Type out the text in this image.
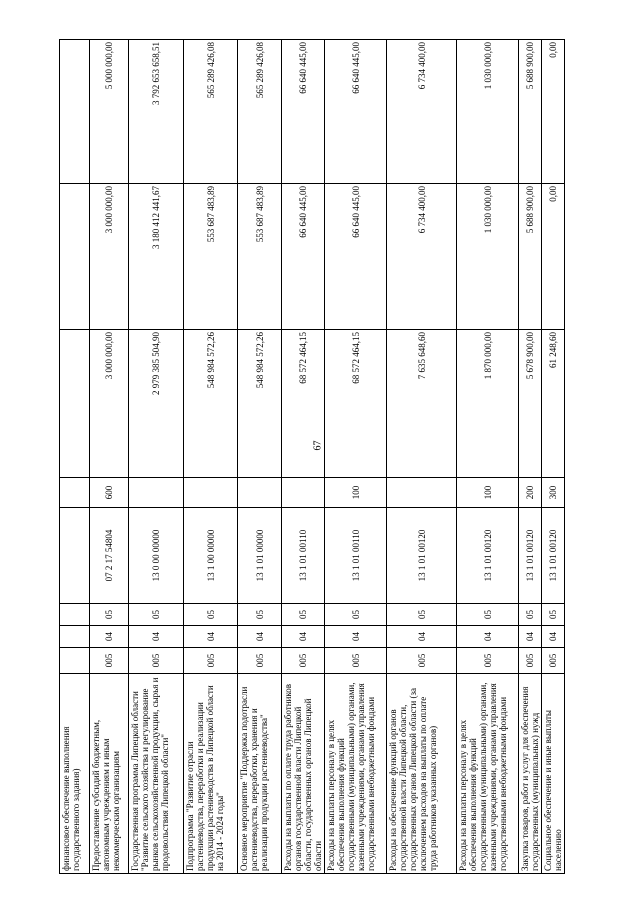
67
финансовое обеспечение выполнения государственного задания)								
Предоставление субсидий бюджетным, автономным учреждениям и иным некоммерческим организациям	005	04	05	07 2 17 54804	600	3 000 000,00	3 000 000,00	5 000 000,00
Государственная программа Липецкой области "Развитие сельского хозяйства и регулирование рынков сельскохозяйственной продукции, сырья и продовольствия Липецкой области"	005	04	05	13 0 00 00000		2 979 385 504,90	3 180 412 441,67	3 792 653 658,51
Подпрограмма "Развитие отрасли растениеводства, переработки и реализации продукции растениеводства в Липецкой области на 2014 - 2024 годы"	005	04	05	13 1 00 00000		548 984 572,26	553 687 483,89	565 289 426,08
Основное мероприятие "Поддержка подотрасли растениеводства, переработки, хранения и реализации продукции растениеводства"	005	04	05	13 1 01 00000		548 984 572,26	553 687 483,89	565 289 426,08
Расходы на выплаты по оплате труда работников органов государственной власти Липецкой области, государственных органов Липецкой области	005	04	05	13 1 01 00110		68 572 464,15	66 640 445,00	66 640 445,00
Расходы на выплаты персоналу в целях обеспечения выполнения функций государственными (муниципальными) органами, казенными учреждениями, органами управления государственными внебюджетными фондами	005	04	05	13 1 01 00110	100	68 572 464,15	66 640 445,00	66 640 445,00
Расходы на обеспечение функций органов государственной власти Липецкой области, государственных органов Липецкой области (за исключением расходов на выплаты по оплате труда работников указанных органов)	005	04	05	13 1 01 00120		7 635 648,60	6 734 400,00	6 734 400,00
Расходы на выплаты персоналу в целях обеспечения выполнения функций государственными (муниципальными) органами, казенными учреждениями, органами управления государственными внебюджетными фондами	005	04	05	13 1 01 00120	100	1 870 000,00	1 030 000,00	1 030 000,00
Закупка товаров, работ и услуг для обеспечения государственных (муниципальных) нужд	005	04	05	13 1 01 00120	200	5 678 900,00	5 688 900,00	5 688 900,00
Социальное обеспечение и иные выплаты населению	005	04	05	13 1 01 00120	300	61 248,60	0,00	0,00
